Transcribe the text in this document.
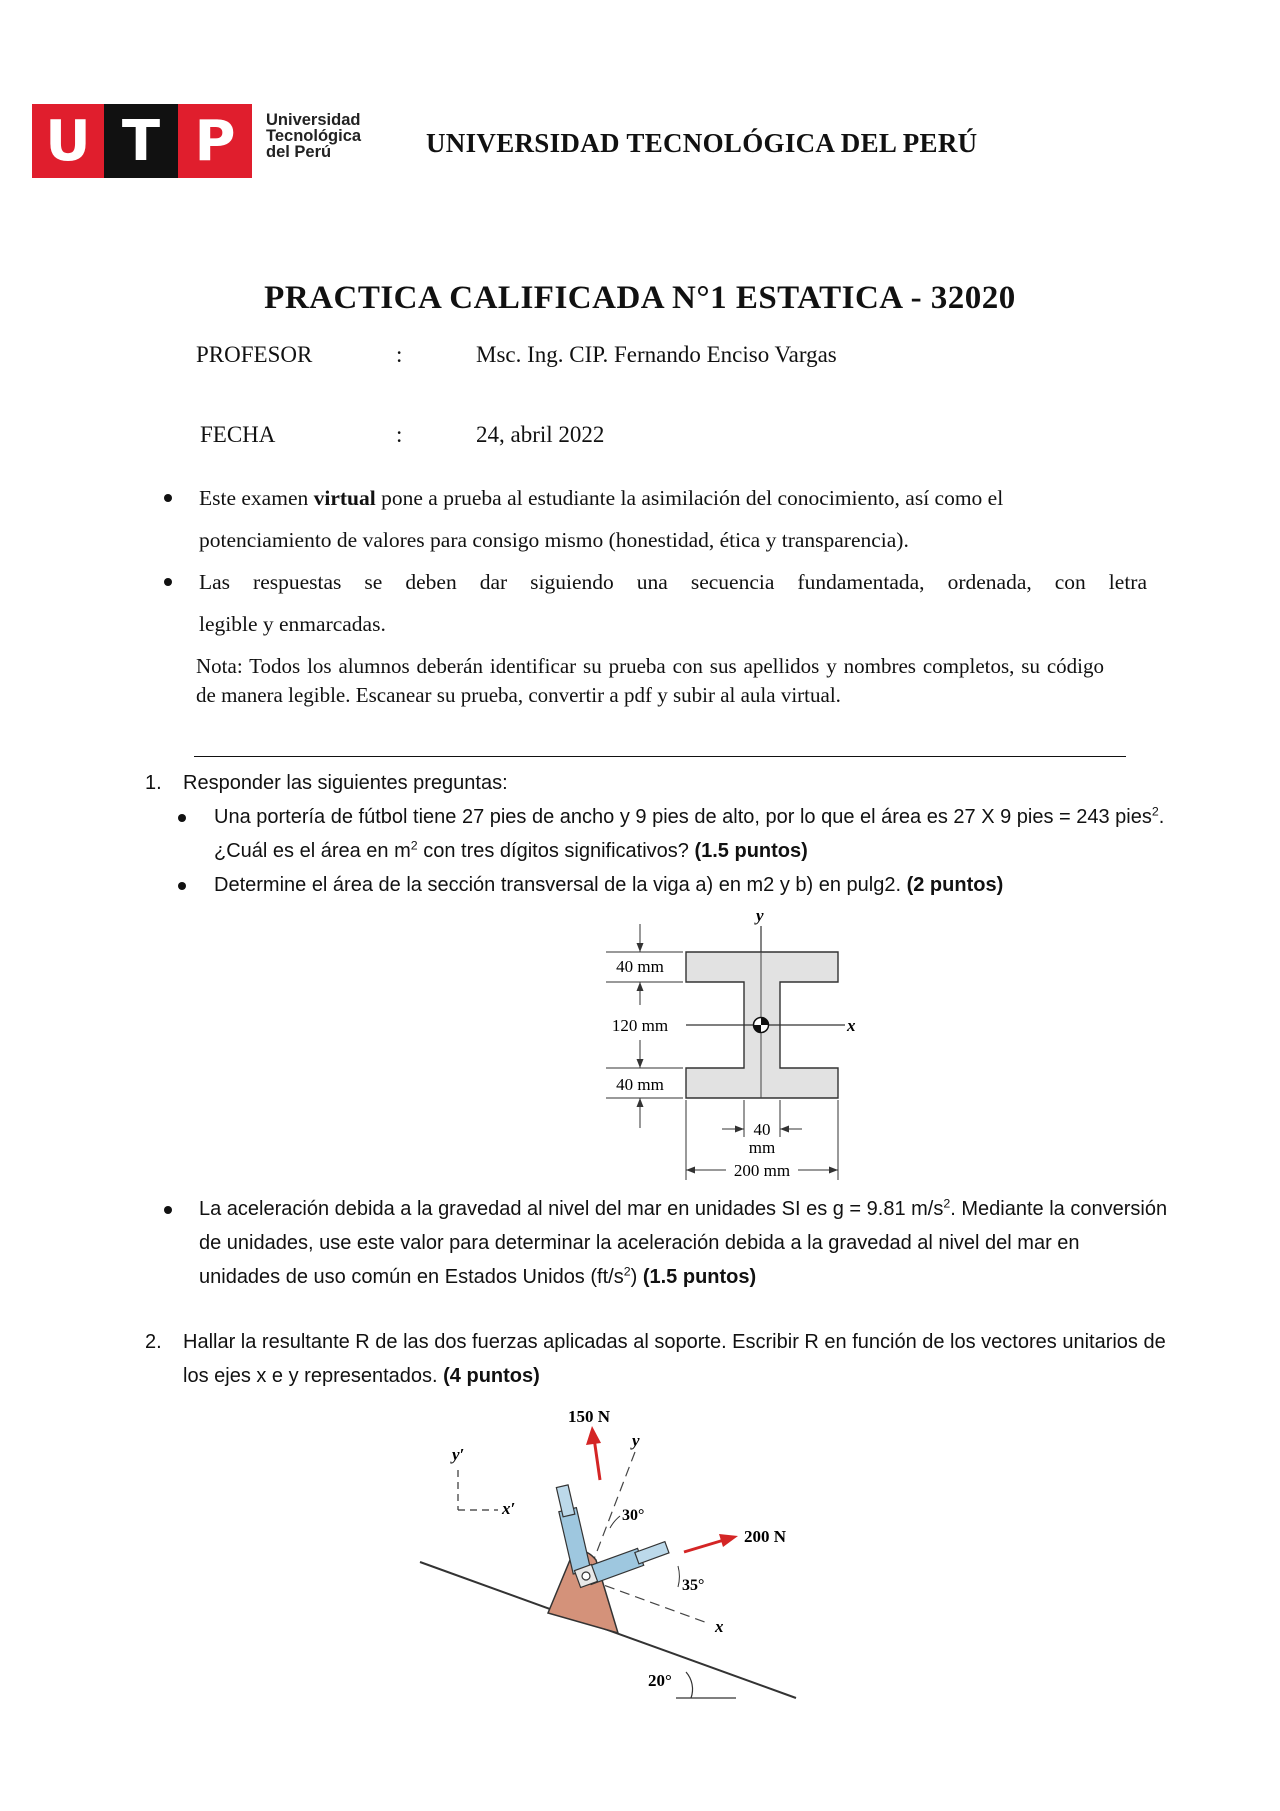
U T P	Universidad
Tecnológica
del Perú	UNIVERSIDAD TECNOLÓGICA DEL PERÚ
PRACTICA CALIFICADA N°1 ESTATICA - 32020
PROFESOR	:	Msc. Ing. CIP. Fernando Enciso Vargas
FECHA	:	24, abril 2022
Este examen virtual pone a prueba al estudiante la asimilación del conocimiento, así como el
potenciamiento de valores para consigo mismo (honestidad, ética y transparencia).
Las respuestas se deben dar siguiendo una secuencia fundamentada, ordenada, con letra
legible y enmarcadas.
Nota: Todos los alumnos deberán identificar su prueba con sus apellidos y nombres completos, su código de manera legible. Escanear su prueba, convertir a pdf y subir al aula virtual.
1. Responder las siguientes preguntas:
Una portería de fútbol tiene 27 pies de ancho y 9 pies de alto, por lo que el área es 27 X 9 pies = 243 pies$^2$.
¿Cuál es el área en $m^2$ con tres dígitos significativos? (1.5 puntos)
Determine el área de la sección transversal de la viga a) en m2 y b) en pulg2. (2 puntos)
y
x
40 mm
120 mm
40 mm
40
mm
200 mm
La aceleración debida a la gravedad al nivel del mar en unidades SI es g = 9.81 $m/s^2$. Mediante la conversión
de unidades, use este valor para determinar la aceleración debida a la gravedad al nivel del mar en
unidades de uso común en Estados Unidos $(ft/s^2)$ (1.5 puntos)
2. Hallar la resultante R de las dos fuerzas aplicadas al soporte. Escribir R en función de los vectores unitarios de
los ejes x e y representados. (4 puntos)
20°
y′
x′
y
x
150 N
30°
200 N
35°
